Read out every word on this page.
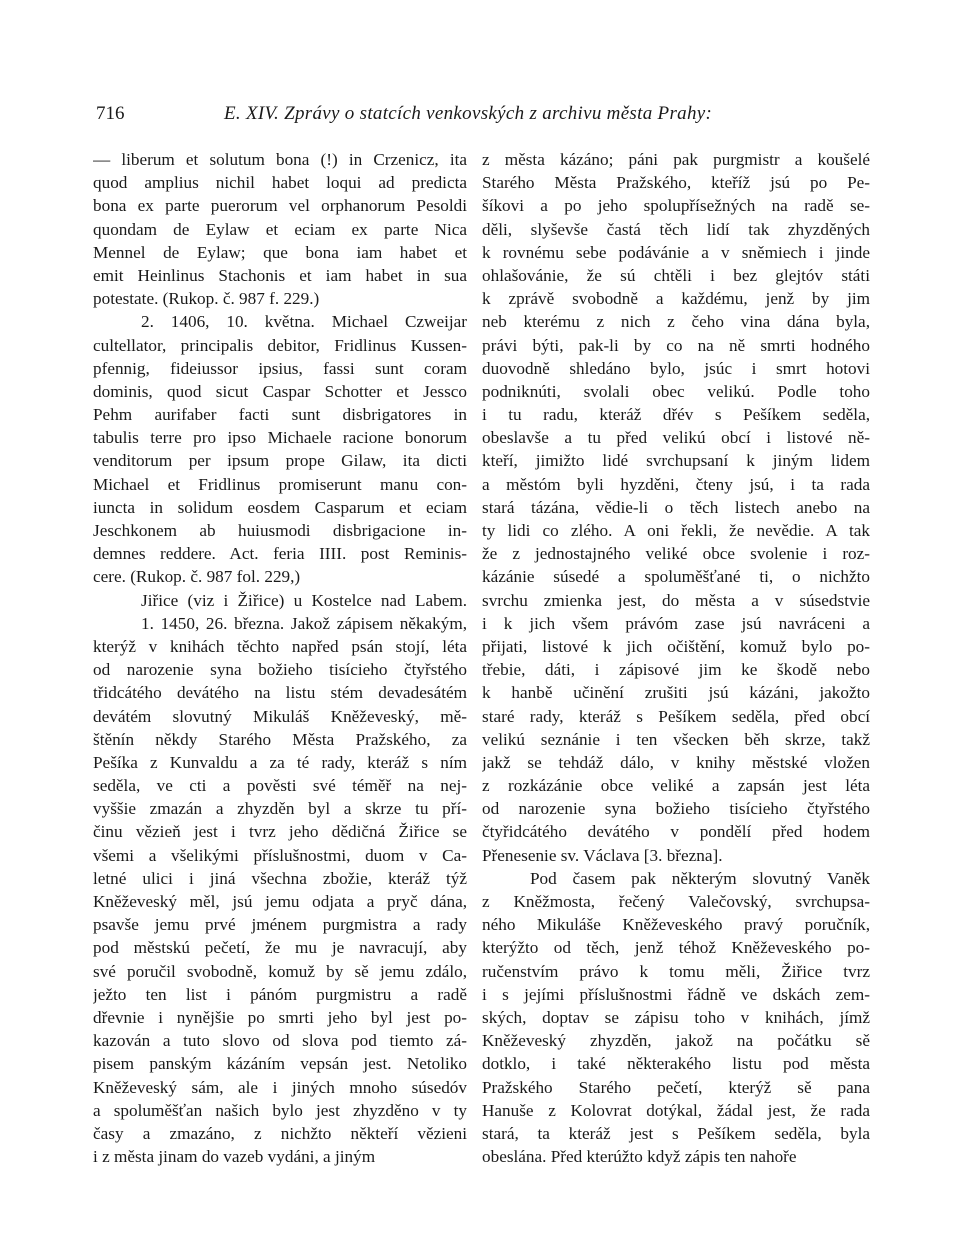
716	E. XIV. Zprávy o statcích venkovských z archivu města Prahy:
— liberum et solutum bona (!) in Crzenicz, ita
quod amplius nichil habet loqui ad predicta
bona ex parte puerorum vel orphanorum Pesoldi
quondam de Eylaw et eciam ex parte Nica
Mennel de Eylaw; que bona iam habet et
emit Heinlinus Stachonis et iam habet in sua
potestate. (Rukop. č. 987 f. 229.)
2. 1406, 10. května. Michael Czweijar
cultellator, principalis debitor, Fridlinus Kussen-
pfennig, fideiussor ipsius, fassi sunt coram
dominis, quod sicut Caspar Schotter et Jessco
Pehm aurifaber facti sunt disbrigatores in
tabulis terre pro ipso Michaele racione bonorum
venditorum per ipsum prope Gilaw, ita dicti
Michael et Fridlinus promiserunt manu con-
iuncta in solidum eosdem Casparum et eciam
Jeschkonem ab huiusmodi disbrigacione in-
demnes reddere. Act. feria IIII. post Reminis-
cere. (Rukop. č. 987 fol. 229,)
Jiřice (viz i Žiřice) u Kostelce nad Labem.
1. 1450, 26. března. Jakož zápisem někakým,
kterýž v knihách těchto napřed psán stojí, léta
od narozenie syna božieho tisícieho čtyřstého
třidcátého devátého na listu stém devadesátém
devátém slovutný Mikuláš Kněževeský, mě-
štěnín někdy Starého Města Pražského, za
Pešíka z Kunvaldu a za té rady, kteráž s ním
seděla, ve cti a pověsti své téměř na nej-
vyššie zmazán a zhyzděn byl a skrze tu pří-
činu vězieň jest i tvrz jeho dědičná Žiřice se
všemi a všelikými příslušnostmi, duom v Ca-
letné ulici i jiná všechna zbožie, kteráž týž
Kněževeský měl, jsú jemu odjata a pryč dána,
psavše jemu prvé jménem purgmistra a rady
pod městskú pečetí, že mu je navracují, aby
své poručil svobodně, komuž by sě jemu zdálo,
ježto ten list i pánóm purgmistru a radě
dřevnie i nynějšie po smrti jeho byl jest po-
kazován a tuto slovo od slova pod tiemto zá-
pisem panským kázáním vepsán jest. Netoliko
Kněževeský sám, ale i jiných mnoho súsedóv
a spoluměšťan našich bylo jest zhyzděno v ty
časy a zmazáno, z nichžto někteří vězieni
i z města jinam do vazeb vydáni, a jiným
z města kázáno; páni pak purgmistr a koušelé
Starého Města Pražského, kteříž jsú po Pe-
šíkovi a po jeho spolupřísežných na radě se-
děli, slyševše častá těch lidí tak zhyzděných
k rovnému sebe podávánie a v sněmiech i jinde
ohlašovánie, že sú chtěli i bez glejtóv státi
k zprávě svobodně a každému, jenž by jim
neb kterému z nich z čeho vina dána byla,
právi býti, pak-li by co na ně smrti hodného
duovodně shledáno bylo, jsúc i smrt hotovi
podniknúti, svolali obec velikú. Podle toho
i tu radu, kteráž dřév s Pešíkem seděla,
obeslavše a tu před velikú obcí i listové ně-
kteří, jimižto lidé svrchupsaní k jiným lidem
a městóm byli hyzděni, čteny jsú, i ta rada
stará tázána, vědie-li o těch listech anebo na
ty lidi co zlého. A oni řekli, že nevědie. A tak
že z jednostajného veliké obce svolenie i roz-
kázánie súsedé a spoluměšťané ti, o nichžto
svrchu zmienka jest, do města a v súsedstvie
i k jich všem právóm zase jsú navráceni a
přijati, listové k jich očištění, komuž bylo po-
třebie, dáti, i zápisové jim ke škodě nebo
k hanbě učinění zrušiti jsú kázáni, jakožto
staré rady, kteráž s Pešíkem seděla, před obcí
velikú seznánie i ten všecken běh skrze, takž
jakž se tehdáž dálo, v knihy městské vložen
z rozkázánie obce veliké a zapsán jest léta
od narozenie syna božieho tisícieho čtyřstého
čtyřidcátého devátého v pondělí před hodem
Přenesenie sv. Václava [3. března].
Pod časem pak některým slovutný Vaněk
z Kněžmosta, řečený Valečovský, svrchupsa-
ného Mikuláše Kněževeského pravý poručník,
kterýžto od těch, jenž téhož Kněževeského po-
ručenstvím právo k tomu měli, Žiřice tvrz
i s jejími příslušnostmi řádně ve dskách zem-
ských, doptav se zápisu toho v knihách, jímž
Kněževeský zhyzděn, jakož na počátku sě
dotklo, i také některakého listu pod města
Pražského Starého pečetí, kterýž sě pana
Hanuše z Kolovrat dotýkal, žádal jest, že rada
stará, ta kteráž jest s Pešíkem seděla, byla
obeslána. Před kterúžto když zápis ten nahoře
